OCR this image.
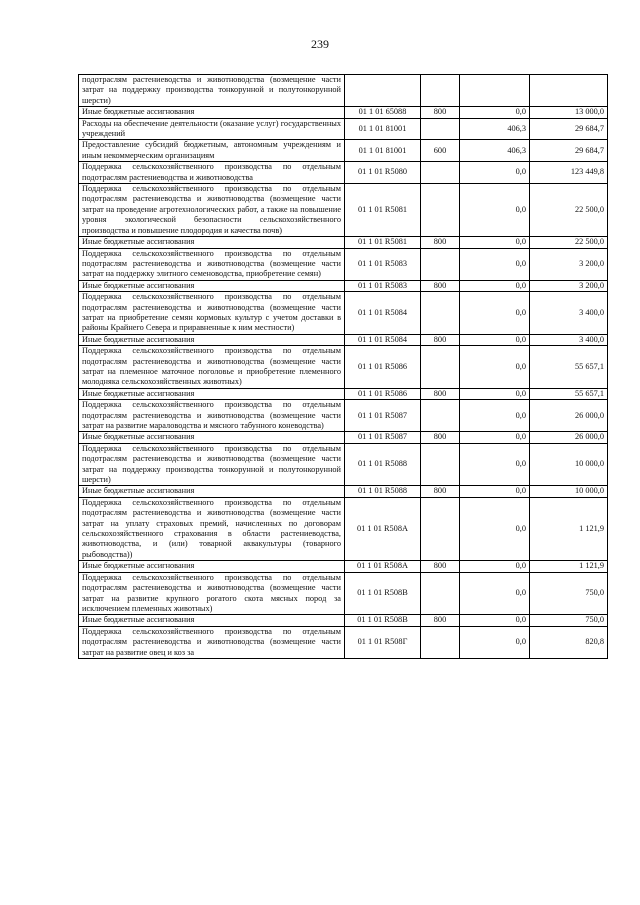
239
подотраслям растениеводства и животноводства (возмещение части затрат на поддержку производства тонкорунной и полутонкорунной шерсти)				
Иные бюджетные ассигнования	01 1 01 65088	800	0,0	13 000,0
Расходы на обеспечение деятельности (оказание услуг) государственных учреждений	01 1 01 81001		406,3	29 684,7
Предоставление субсидий бюджетным, автономным учреждениям и иным некоммерческим организациям	01 1 01 81001	600	406,3	29 684,7
Поддержка сельскохозяйственного производства по отдельным подотраслям растениеводства и животноводства	01 1 01 R5080		0,0	123 449,8
Поддержка сельскохозяйственного производства по отдельным подотраслям растениеводства и животноводства (возмещение части затрат на проведение агротехнологических работ, а также на повышение уровня экологической безопасности сельскохозяйственного производства и повышение плодородия и качества почв)	01 1 01 R5081		0,0	22 500,0
Иные бюджетные ассигнования	01 1 01 R5081	800	0,0	22 500,0
Поддержка сельскохозяйственного производства по отдельным подотраслям растениеводства и животноводства (возмещение части затрат на поддержку элитного семеноводства, приобретение семян)	01 1 01 R5083		0,0	3 200,0
Иные бюджетные ассигнования	01 1 01 R5083	800	0,0	3 200,0
Поддержка сельскохозяйственного производства по отдельным подотраслям растениеводства и животноводства (возмещение части затрат на приобретение семян кормовых культур с учетом доставки в районы Крайнего Севера и приравненные к ним местности)	01 1 01 R5084		0,0	3 400,0
Иные бюджетные ассигнования	01 1 01 R5084	800	0,0	3 400,0
Поддержка сельскохозяйственного производства по отдельным подотраслям растениеводства и животноводства (возмещение части затрат на племенное маточное поголовье и приобретение племенного молодняка сельскохозяйственных животных)	01 1 01 R5086		0,0	55 657,1
Иные бюджетные ассигнования	01 1 01 R5086	800	0,0	55 657,1
Поддержка сельскохозяйственного производства по отдельным подотраслям растениеводства и животноводства (возмещение части затрат на развитие мараловодства и мясного табунного коневодства)	01 1 01 R5087		0,0	26 000,0
Иные бюджетные ассигнования	01 1 01 R5087	800	0,0	26 000,0
Поддержка сельскохозяйственного производства по отдельным подотраслям растениеводства и животноводства (возмещение части затрат на поддержку производства тонкорунной и полутонкорунной шерсти)	01 1 01 R5088		0,0	10 000,0
Иные бюджетные ассигнования	01 1 01 R5088	800	0,0	10 000,0
Поддержка сельскохозяйственного производства по отдельным подотраслям растениеводства и животноводства (возмещение части затрат на уплату страховых премий, начисленных по договорам сельскохозяйственного страхования в области растениеводства, животноводства, и (или) товарной аквакультуры (товарного рыбоводства))	01 1 01 R508A		0,0	1 121,9
Иные бюджетные ассигнования	01 1 01 R508A	800	0,0	1 121,9
Поддержка сельскохозяйственного производства по отдельным подотраслям растениеводства и животноводства (возмещение части затрат на развитие крупного рогатого скота мясных пород за исключением племенных животных)	01 1 01 R508B		0,0	750,0
Иные бюджетные ассигнования	01 1 01 R508B	800	0,0	750,0
Поддержка сельскохозяйственного производства по отдельным подотраслям растениеводства и животноводства (возмещение части затрат на развитие овец и коз за	01 1 01 R508Г		0,0	820,8
